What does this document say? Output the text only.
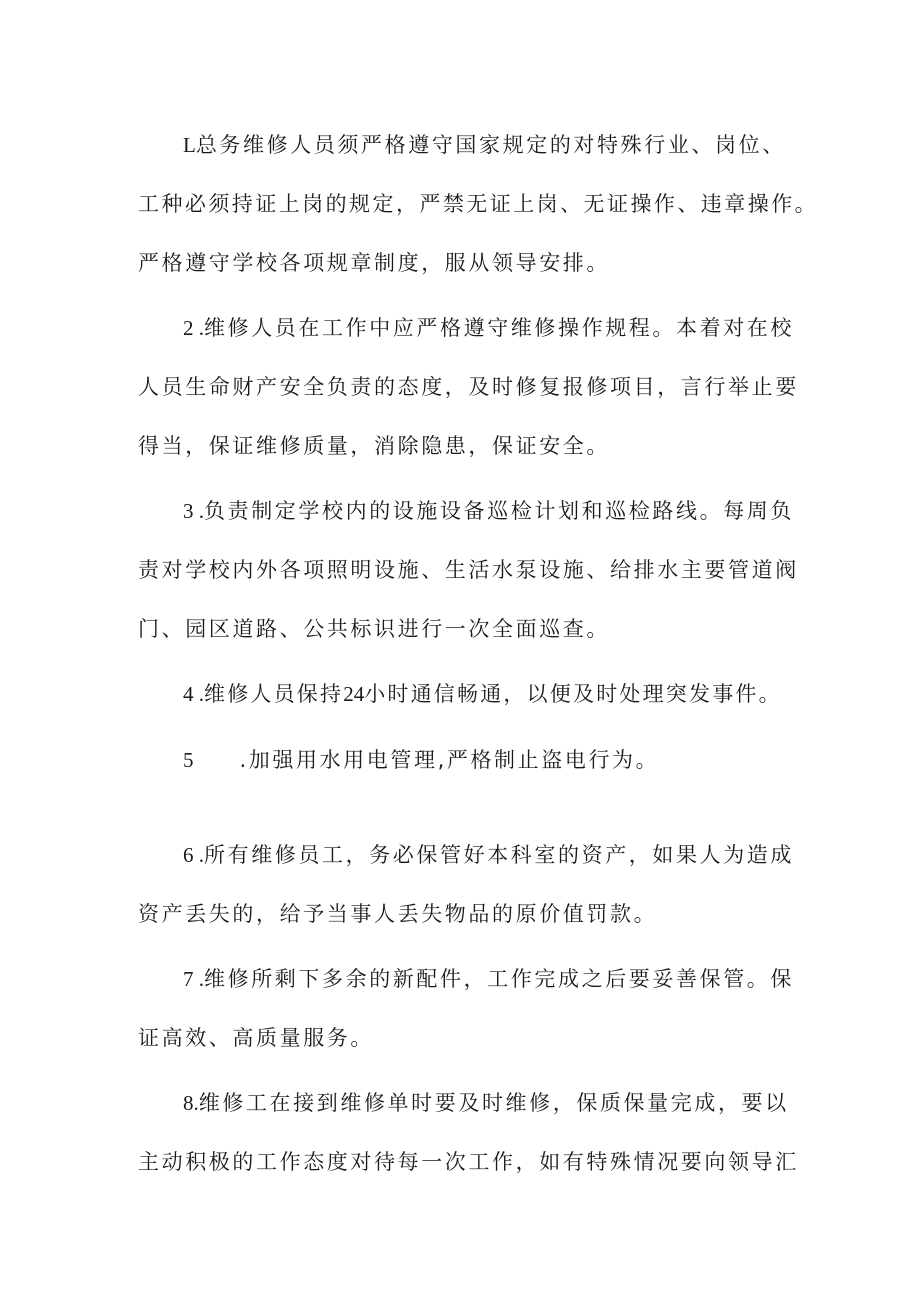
L总务维修人员须严格遵守国家规定的对特殊行业、岗位、
工种必须持证上岗的规定，严禁无证上岗、无证操作、违章操作。
严格遵守学校各项规章制度，服从领导安排。
2 .维修人员在工作中应严格遵守维修操作规程。本着对在校
人员生命财产安全负责的态度，及时修复报修项目，言行举止要
得当，保证维修质量，消除隐患，保证安全。
3 .负责制定学校内的设施设备巡检计划和巡检路线。每周负
责对学校内外各项照明设施、生活水泵设施、给排水主要管道阀
门、园区道路、公共标识进行一次全面巡查。
4 .维修人员保持24小时通信畅通，以便及时处理突发事件。
5 .加强用水用电管理,严格制止盗电行为。
6 .所有维修员工，务必保管好本科室的资产，如果人为造成
资产丢失的，给予当事人丢失物品的原价值罚款。
7 .维修所剩下多余的新配件，工作完成之后要妥善保管。保
证高效、高质量服务。
8.维修工在接到维修单时要及时维修，保质保量完成，要以
主动积极的工作态度对待每一次工作，如有特殊情况要向领导汇
